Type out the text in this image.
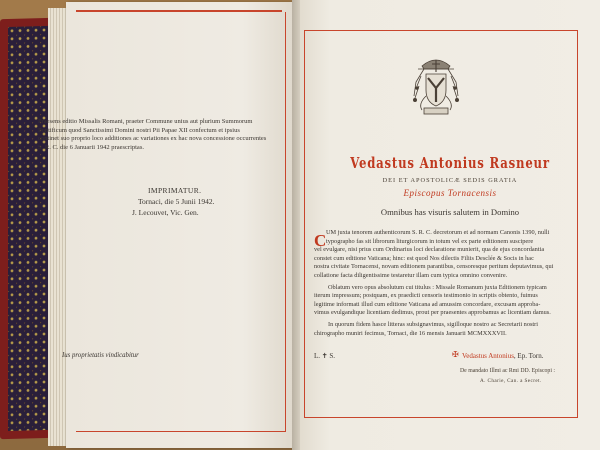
Praesens editio Missalis Romani, praeter Commune unius aut plurium Summorum
Pontificum quod Sanctissimi Domini nostri Pii Papae XII confectum et ipsius
continet suo proprio loco additiones ac variationes ex hac nova concessione occurrentes
S. R. C. die 6 Januarii 1942 praescriptas.
IMPRIMATUR.
Tornaci, die 5 Junii 1942.
J. Lecouvet, Vic. Gen.
Ius proprietatis vindicabitur
Vedastus Antonius Rasneur
DEI ET APOSTOLICÆ SEDIS GRATIA
Episcopus Tornacensis
Omnibus has visuris salutem in Domino
C UM juxta tenorem authenticorum S. R. C. decretorum et ad normam Canonis 1390, nulli
typographo fas sit librorum liturgicorum in totum vel ex parte editionem suscipere
vel evulgare, nisi prius cum Ordinarius loci declaratione munierit, qua de ejus concordantia
constet cum editione Vaticana; hinc: est quod Nos dilectis Filiis Desclée & Socis in hac
nostra civitate Tornacensi, novam editionem parantibus, censoresque peritum deputavimus, qui
collatione facta diligentissime testaretur illam cum typica omnino convenire.
Oblatum vero opus absolutum cui titulus : Missale Romanum juxta Editionem typicam
iterum impressum; postquam, ex praedicti censoris testimonio in scriptis obtento, fuimus
legitime informati illud cum editione Vaticana ad amussim concordare, excusam approba-
vimus evulgandique licentiam dedimus, prout per praesentes approbamus ac licentiam damus.
In quorum fidem hasce litteras subsignavimus, sigilloque nostro ac Secretarii nostri
chirographo muniri fecimus, Tornaci, die 16 mensis Januarii MCMXXXVII.
L. ✝ S.	✠ Vedastus Antonius, Ep. Torn.
De mandato Illmi ac Rmi DD. Episcopi :
A. Charie, Can. a Secret.
